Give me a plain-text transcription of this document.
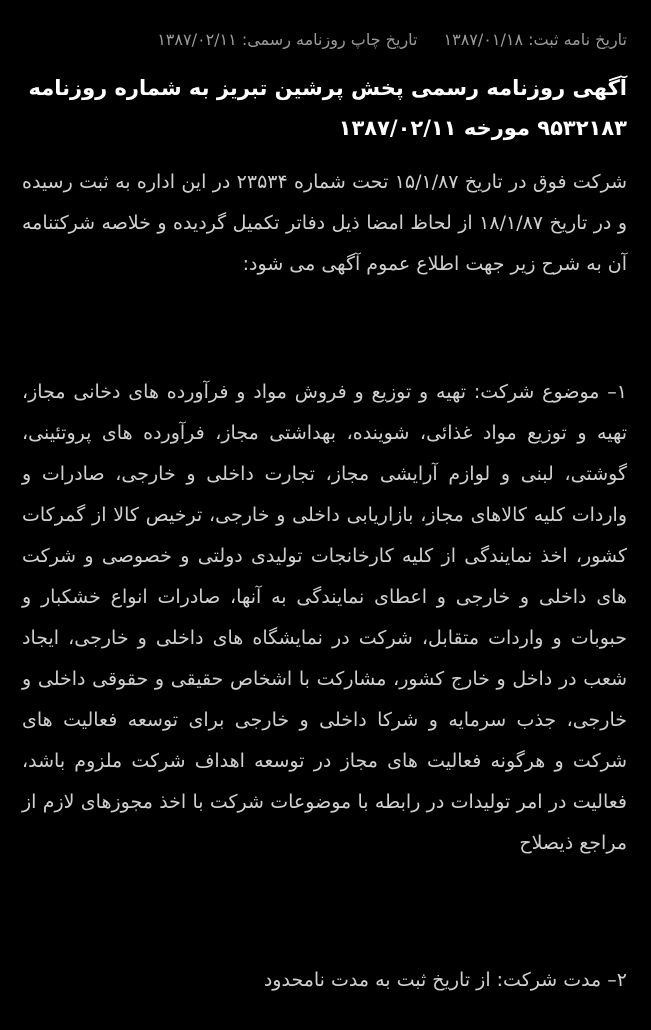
تاریخ نامه ثبت: ۱۳۸۷/۰۱/۱۸تاریخ چاپ روزنامه رسمی: ۱۳۸۷/۰۲/۱۱
آگهی روزنامه رسمی پخش پرشین تبریز به شماره روزنامه ۹۵۳۲۱۸۳ مورخه ۱۳۸۷/۰۲/۱۱

شرکت فوق در تاریخ ۱۵/۱/۸۷ تحت شماره ۲۳۵۳۴ در این اداره به ثبت رسیده و در تاریخ ۱۸/۱/۸۷ از لحاظ امضا ذیل دفاتر تکمیل گردیده و خلاصه شرکتنامه آن به شرح زیر جهت اطلاع عموم آگهی می شود:

۱– موضوع شرکت: تهیه و توزیع و فروش مواد و فرآورده های دخانی مجاز، تهیه و توزیع مواد غذائی، شوینده، بهداشتی مجاز، فرآورده های پروتئینی، گوشتی، لبنی و لوازم آرایشی مجاز، تجارت داخلی و خارجی، صادرات و واردات کلیه کالاهای مجاز، بازاریابی داخلی و خارجی، ترخیص کالا از گمرکات کشور، اخذ نمایندگی از کلیه کارخانجات تولیدی دولتی و خصوصی و شرکت های داخلی و خارجی و اعطای نمایندگی به آنها، صادرات انواع خشکبار و حبوبات و واردات متقابل، شرکت در نمایشگاه های داخلی و خارجی، ایجاد شعب در داخل و خارج کشور، مشارکت با اشخاص حقیقی و حقوقی داخلی و خارجی، جذب سرمایه و شرکا داخلی و خارجی برای توسعه فعالیت های شرکت و هرگونه فعالیت های مجاز در توسعه اهداف شرکت ملزوم باشد، فعالیت در امر تولیدات در رابطه با موضوعات شرکت با اخذ مجوزهای لازم از مراجع ذیصلاح

۲– مدت شرکت: از تاریخ ثبت به مدت نامحدود
